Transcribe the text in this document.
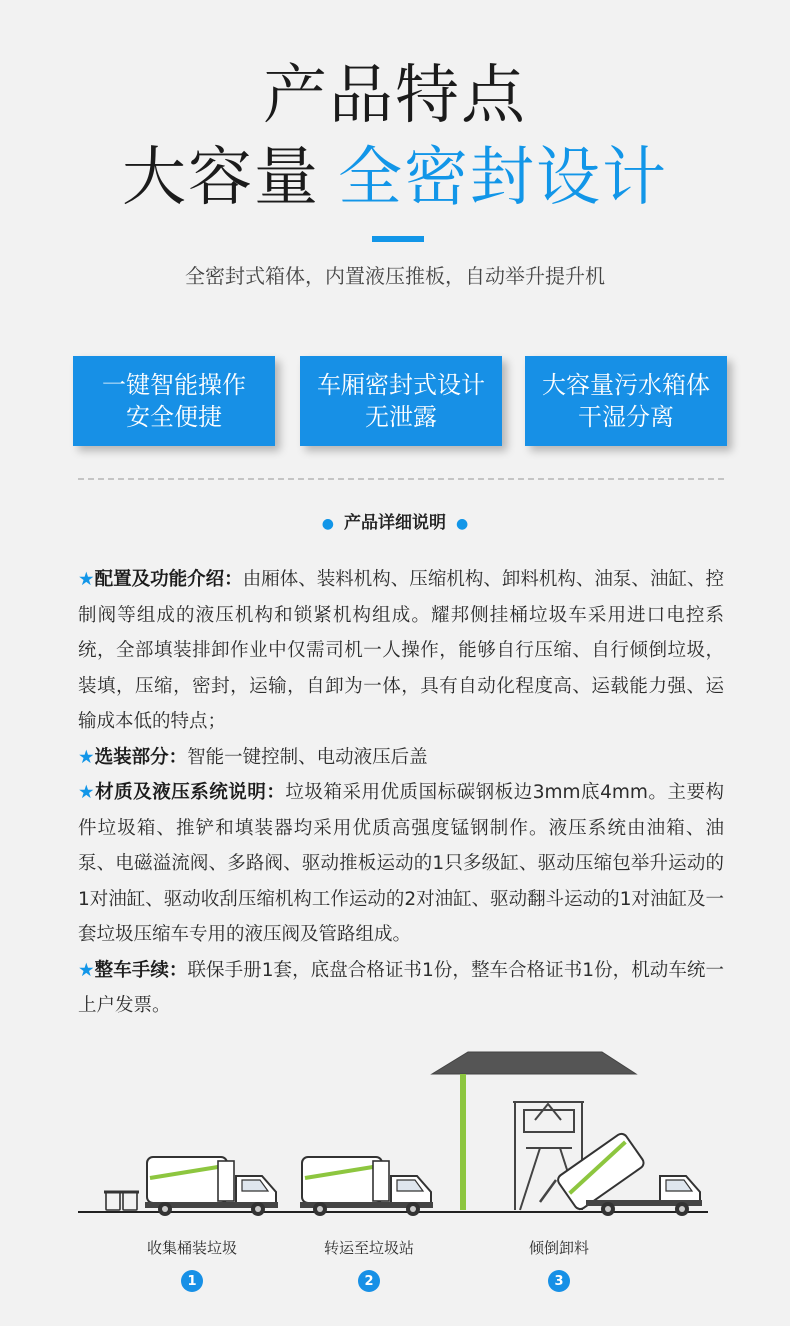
产品特点
大容量 全密封设计
全密封式箱体，内置液压推板，自动举升提升机
一键智能操作
安全便捷
车厢密封式设计
无泄露
大容量污水箱体
干湿分离
● 产品详细说明 ●

★配置及功能介绍：由厢体、装料机构、压缩机构、卸料机构、油泵、油缸、控制阀等组成的液压机构和锁紧机构组成。耀邦侧挂桶垃圾车采用进口电控系统，全部填装排卸作业中仅需司机一人操作，能够自行压缩、自行倾倒垃圾，装填，压缩，密封，运输，自卸为一体，具有自动化程度高、运载能力强、运输成本低的特点；

★选装部分：智能一键控制、电动液压后盖

★材质及液压系统说明：垃圾箱采用优质国标碳钢板边3mm底4mm。主要构件垃圾箱、推铲和填装器均采用优质高强度锰钢制作。液压系统由油箱、油泵、电磁溢流阀、多路阀、驱动推板运动的1只多级缸、驱动压缩包举升运动的1对油缸、驱动收刮压缩机构工作运动的2对油缸、驱动翻斗运动的1对油缸及一套垃圾压缩车专用的液压阀及管路组成。

★整车手续：联保手册1套，底盘合格证书1份，整车合格证书1份，机动车统一上户发票。

收集桶装垃圾	转运至垃圾站	倾倒卸料
1	2	3
